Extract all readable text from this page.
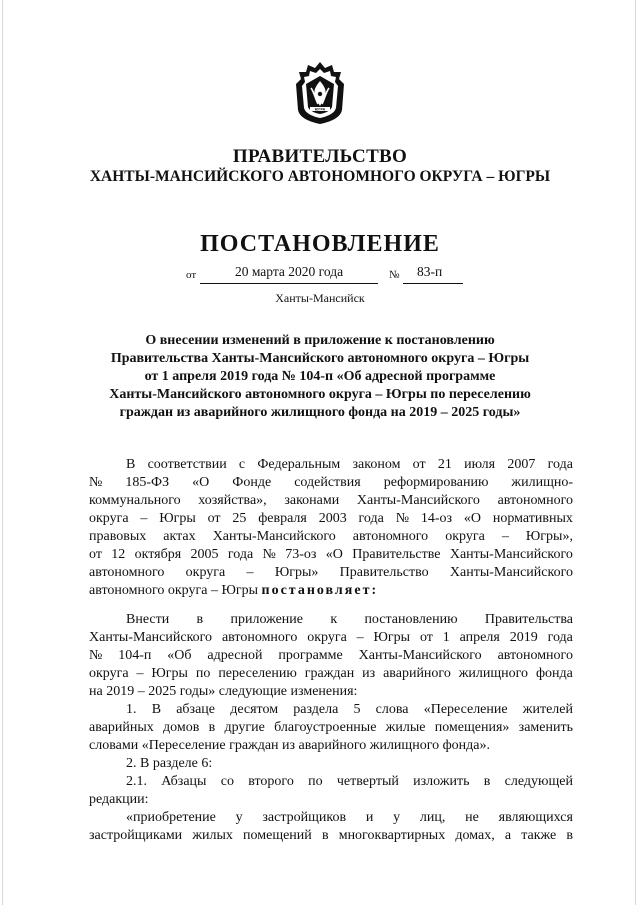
ЮГРА
ПРАВИТЕЛЬСТВО
ХАНТЫ-МАНСИЙСКОГО АВТОНОМНОГО ОКРУГА – ЮГРЫ
ПОСТАНОВЛЕНИЕ
от	20 марта 2020 года	№	83-п
Ханты-Мансийск
О внесении изменений в приложение к постановлению
Правительства Ханты-Мансийского автономного округа – Югры
от 1 апреля 2019 года № 104-п «Об адресной программе
Ханты-Мансийского автономного округа – Югры по переселению
граждан из аварийного жилищного фонда на 2019 – 2025 годы»
В соответствии с Федеральным законом от 21 июля 2007 года
№ 185-ФЗ «О Фонде содействия реформированию жилищно-
коммунального хозяйства», законами Ханты-Мансийского автономного
округа – Югры от 25 февраля 2003 года № 14-оз «О нормативных
правовых актах Ханты-Мансийского автономного округа – Югры»,
от 12 октября 2005 года № 73-оз «О Правительстве Ханты-Мансийского
автономного округа – Югры» Правительство Ханты-Мансийского
автономного округа – Югры постановляет:
Внести в приложение к постановлению Правительства
Ханты-Мансийского автономного округа – Югры от 1 апреля 2019 года
№ 104-п «Об адресной программе Ханты-Мансийского автономного
округа – Югры по переселению граждан из аварийного жилищного фонда
на 2019 – 2025 годы» следующие изменения:
1. В абзаце десятом раздела 5 слова «Переселение жителей
аварийных домов в другие благоустроенные жилые помещения» заменить
словами «Переселение граждан из аварийного жилищного фонда».
2. В разделе 6:
2.1. Абзацы со второго по четвертый изложить в следующей
редакции:
«приобретение у застройщиков и у лиц, не являющихся
застройщиками жилых помещений в многоквартирных домах, а также в
